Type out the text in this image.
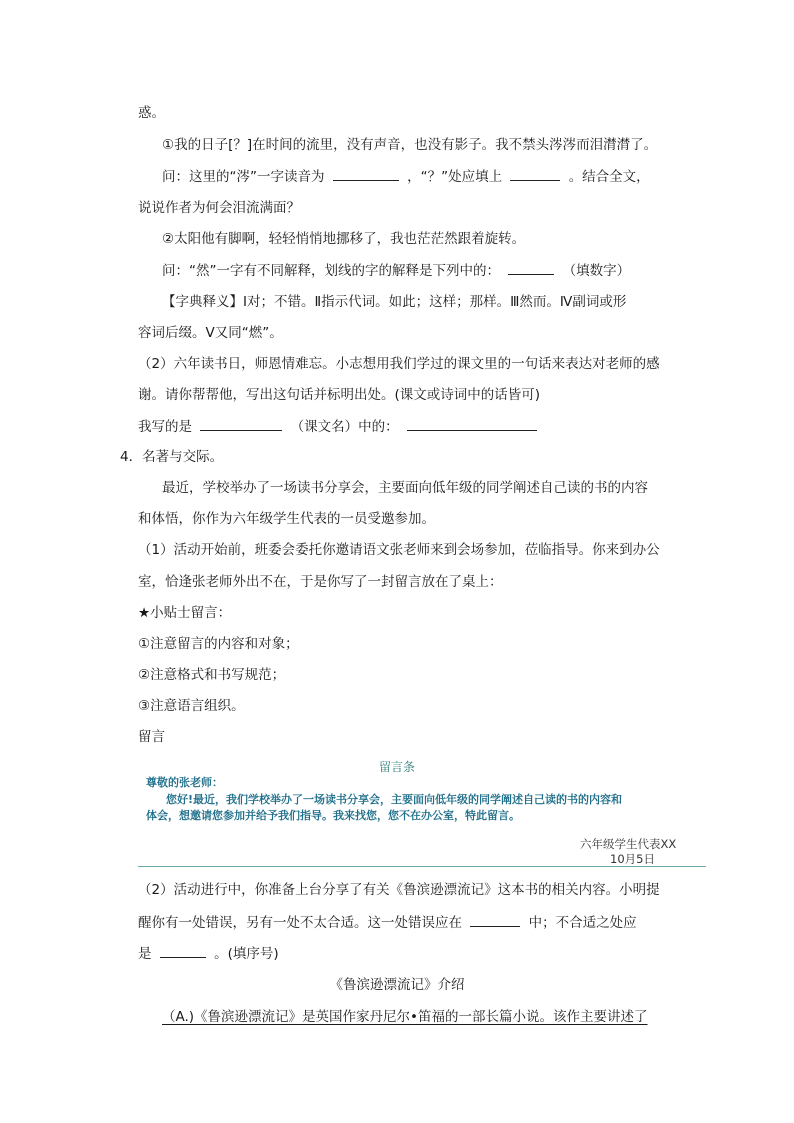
惑。
①我的日子[？]在时间的流里，没有声音，也没有影子。我不禁头涔涔而泪潸潸了。
问：这里的“涔”一字读音为	，“？”处应填上	。结合全文，
说说作者为何会泪流满面？
②太阳他有脚啊，轻轻悄悄地挪移了，我也茫茫然跟着旋转。
问：“然”一字有不同解释，划线的字的解释是下列中的：	（填数字）
【字典释义】Ⅰ对；不错。Ⅱ指示代词。如此；这样；那样。Ⅲ然而。Ⅳ副词或形
容词后缀。Ⅴ又同“燃”。
（2）六年读书日，师恩情难忘。小志想用我们学过的课文里的一句话来表达对老师的感
谢。请你帮帮他，写出这句话并标明出处。(课文或诗词中的话皆可)
我写的是	（课文名）中的：
4．名著与交际。
最近，学校举办了一场读书分享会，主要面向低年级的同学阐述自己读的书的内容
和体悟，你作为六年级学生代表的一员受邀参加。
（1）活动开始前，班委会委托你邀请语文张老师来到会场参加，莅临指导。你来到办公
室，恰逢张老师外出不在，于是你写了一封留言放在了桌上：
★小贴士留言：
①注意留言的内容和对象；
②注意格式和书写规范；
③注意语言组织。
留言
留言条
尊敬的张老师：
您好!最近，我们学校举办了一场读书分享会，主要面向低年级的同学阐述自己读的书的内容和
体会，想邀请您参加并给予我们指导。我来找您，您不在办公室，特此留言。
六年级学生代表XX
10月5日
（2）活动进行中，你准备上台分享了有关《鲁滨逊漂流记》这本书的相关内容。小明提
醒你有一处错误，另有一处不太合适。这一处错误应在	中；不合适之处应
是	。(填序号)
《鲁滨逊漂流记》介绍
（A.)《鲁滨逊漂流记》是英国作家丹尼尔•笛福的一部长篇小说。该作主要讲述了
